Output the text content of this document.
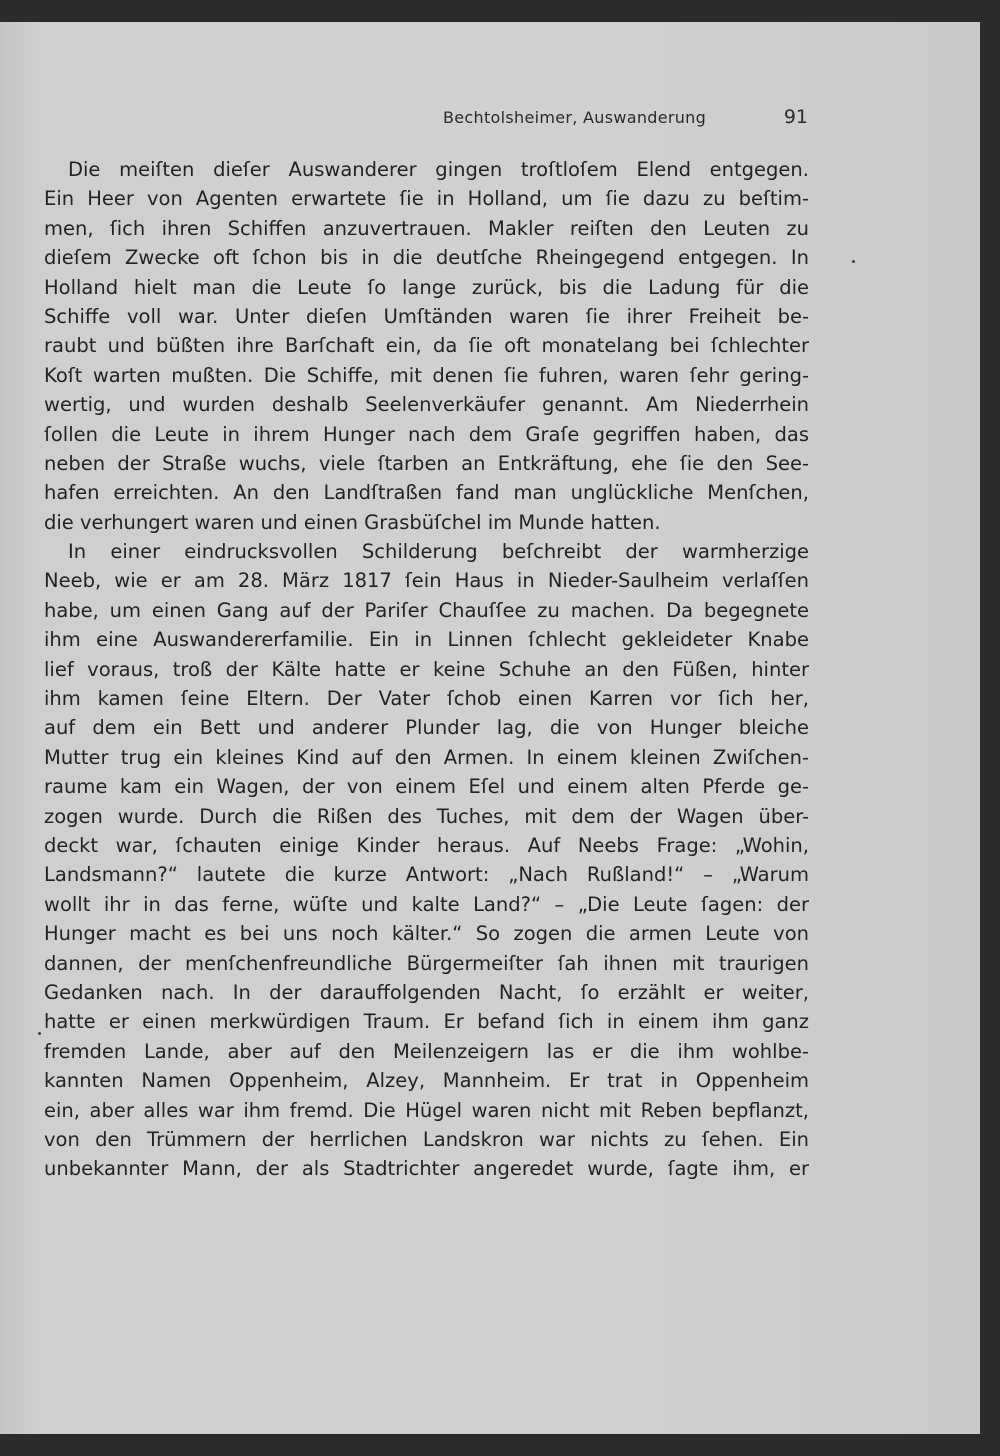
Bechtolsheimer, Auswanderung	91
Die meiſten dieſer Auswanderer gingen troſtloſem Elend entgegen.
Ein Heer von Agenten erwartete ſie in Holland, um ſie dazu zu beſtim-
men, ſich ihren Schiffen anzuvertrauen. Makler reiſten den Leuten zu
dieſem Zwecke oft ſchon bis in die deutſche Rheingegend entgegen. In
Holland hielt man die Leute ſo lange zurück, bis die Ladung für die
Schiffe voll war. Unter dieſen Umſtänden waren ſie ihrer Freiheit be-
raubt und büßten ihre Barſchaft ein, da ſie oft monatelang bei ſchlechter
Koſt warten mußten. Die Schiffe, mit denen ſie fuhren, waren ſehr gering-
wertig, und wurden deshalb Seelenverkäufer genannt. Am Niederrhein
ſollen die Leute in ihrem Hunger nach dem Graſe gegriffen haben, das
neben der Straße wuchs, viele ſtarben an Entkräftung, ehe ſie den See-
hafen erreichten. An den Landſtraßen fand man unglückliche Menſchen,
die verhungert waren und einen Grasbüſchel im Munde hatten.
In einer eindrucksvollen Schilderung beſchreibt der warmherzige
Neeb, wie er am 28. März 1817 ſein Haus in Nieder-Saulheim verlaſſen
habe, um einen Gang auf der Pariſer Chauſſee zu machen. Da begegnete
ihm eine Auswandererfamilie. Ein in Linnen ſchlecht gekleideter Knabe
lief voraus, troß der Kälte hatte er keine Schuhe an den Füßen, hinter
ihm kamen ſeine Eltern. Der Vater ſchob einen Karren vor ſich her,
auf dem ein Bett und anderer Plunder lag, die von Hunger bleiche
Mutter trug ein kleines Kind auf den Armen. In einem kleinen Zwiſchen-
raume kam ein Wagen, der von einem Eſel und einem alten Pferde ge-
zogen wurde. Durch die Rißen des Tuches, mit dem der Wagen über-
deckt war, ſchauten einige Kinder heraus. Auf Neebs Frage: „Wohin,
Landsmann?“ lautete die kurze Antwort: „Nach Rußland!“ – „Warum
wollt ihr in das ferne, wüſte und kalte Land?“ – „Die Leute ſagen: der
Hunger macht es bei uns noch kälter.“ So zogen die armen Leute von
dannen, der menſchenfreundliche Bürgermeiſter ſah ihnen mit traurigen
Gedanken nach. In der darauffolgenden Nacht, ſo erzählt er weiter,
hatte er einen merkwürdigen Traum. Er befand ſich in einem ihm ganz
fremden Lande, aber auf den Meilenzeigern las er die ihm wohlbe-
kannten Namen Oppenheim, Alzey, Mannheim. Er trat in Oppenheim
ein, aber alles war ihm fremd. Die Hügel waren nicht mit Reben bepflanzt,
von den Trümmern der herrlichen Landskron war nichts zu ſehen. Ein
unbekannter Mann, der als Stadtrichter angeredet wurde, ſagte ihm, er
